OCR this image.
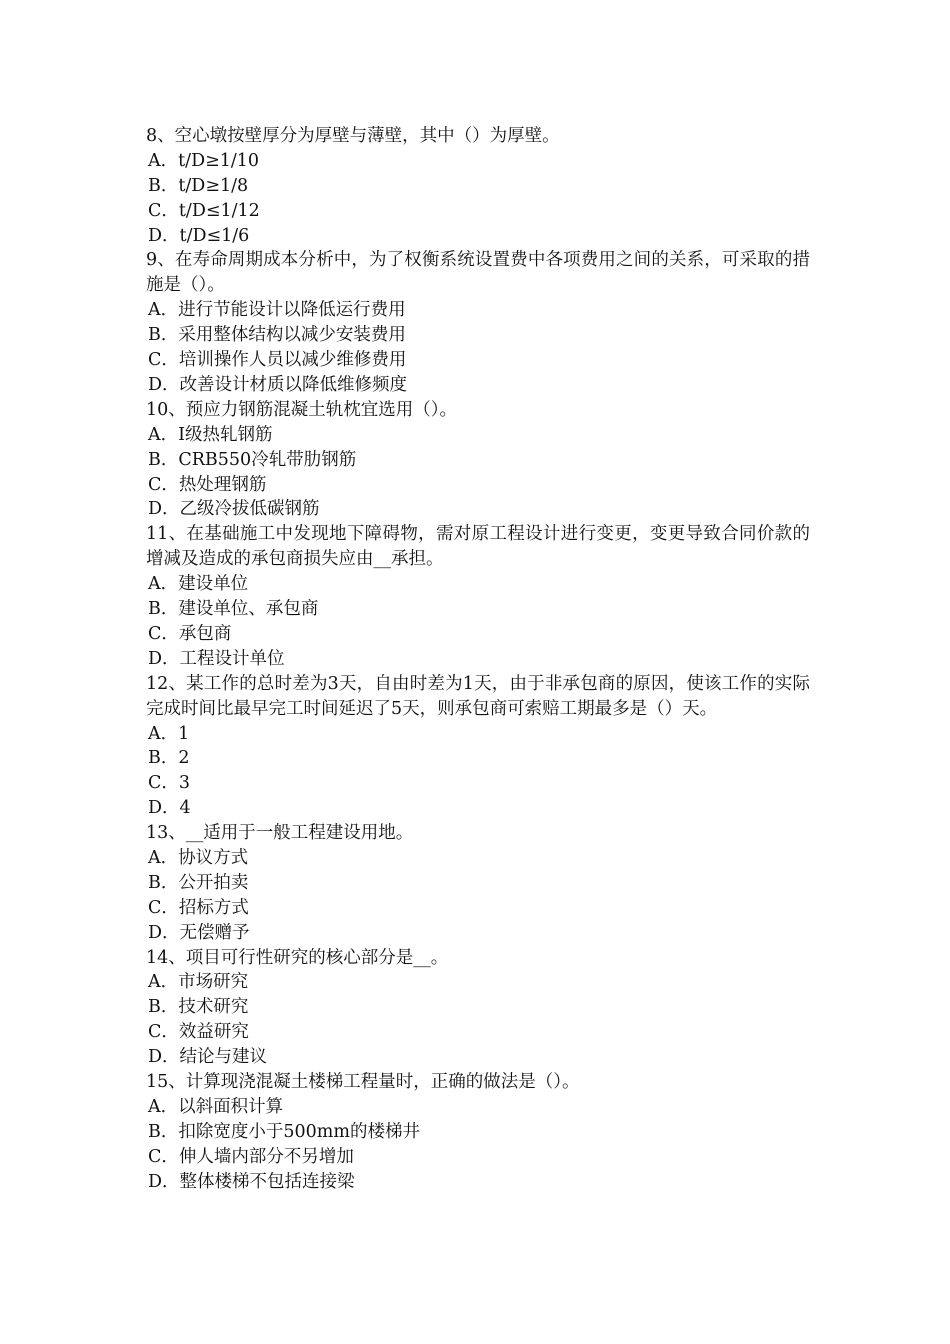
8、空心墩按壁厚分为厚壁与薄壁，其中（）为厚壁。
A．t/D≥1/10
B．t/D≥1/8
C．t/D≤1/12
D．t/D≤1/6
9、在寿命周期成本分析中，为了权衡系统设置费中各项费用之间的关系，可采取的措施是（）。
A．进行节能设计以降低运行费用
B．采用整体结构以减少安装费用
C．培训操作人员以减少维修费用
D．改善设计材质以降低维修频度
10、预应力钢筋混凝土轨枕宜选用（）。
A．Ⅰ级热轧钢筋
B．CRB550冷轧带肋钢筋
C．热处理钢筋
D．乙级冷拔低碳钢筋
11、在基础施工中发现地下障碍物，需对原工程设计进行变更，变更导致合同价款的增减及造成的承包商损失应由__承担。
A．建设单位
B．建设单位、承包商
C．承包商
D．工程设计单位
12、某工作的总时差为3天，自由时差为1天，由于非承包商的原因，使该工作的实际完成时间比最早完工时间延迟了5天，则承包商可索赔工期最多是（）天。
A．1
B．2
C．3
D．4
13、__适用于一般工程建设用地。
A．协议方式
B．公开拍卖
C．招标方式
D．无偿赠予
14、项目可行性研究的核心部分是__。
A．市场研究
B．技术研究
C．效益研究
D．结论与建议
15、计算现浇混凝土楼梯工程量时，正确的做法是（）。
A．以斜面积计算
B．扣除宽度小于500mm的楼梯井
C．伸人墙内部分不另增加
D．整体楼梯不包括连接梁
